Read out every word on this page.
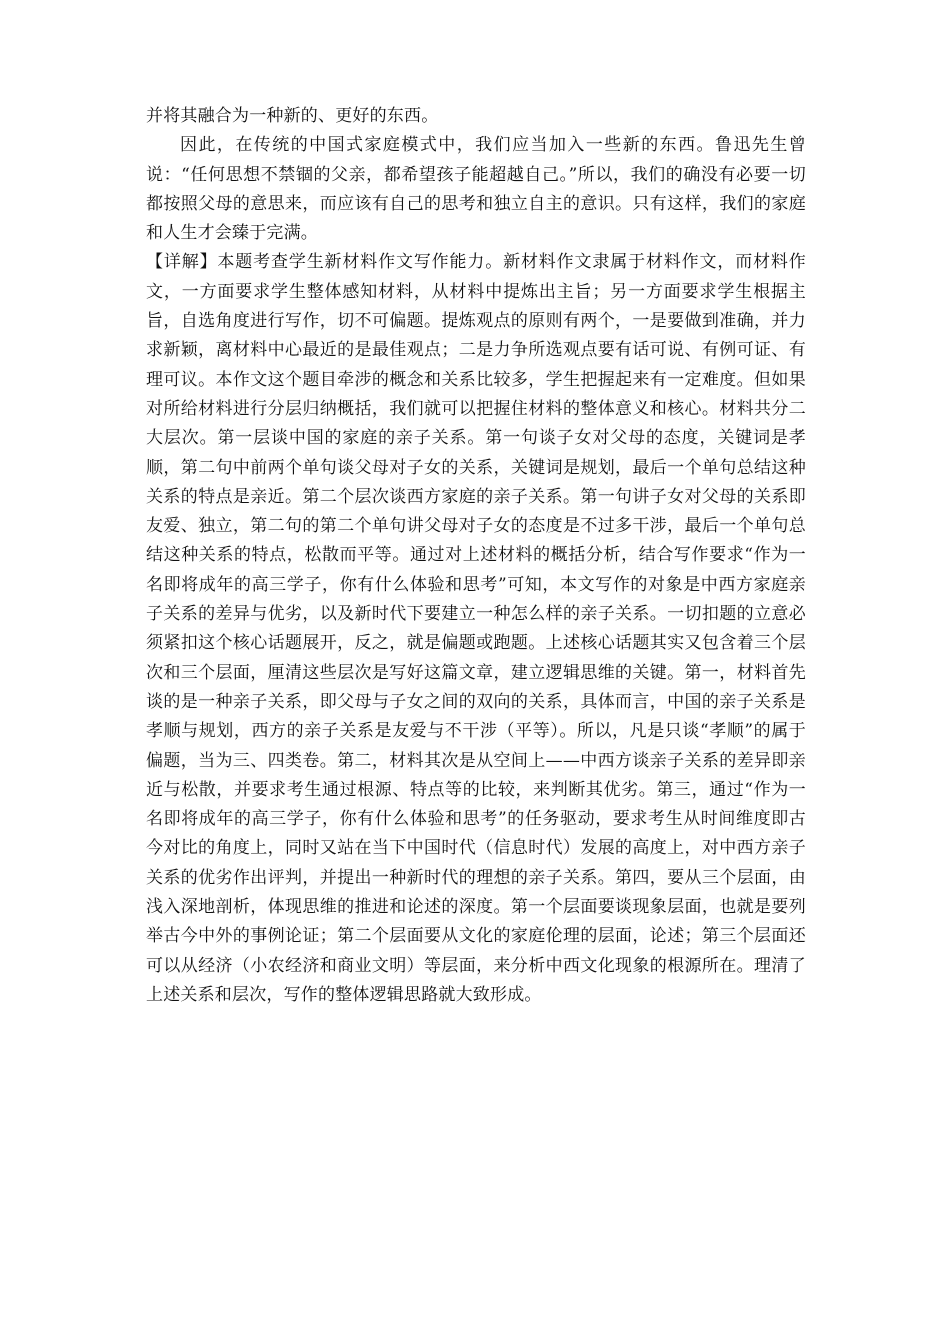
并将其融合为一种新的、更好的东西。

因此，在传统的中国式家庭模式中，我们应当加入一些新的东西。鲁迅先生曾说：“任何思想不禁锢的父亲，都希望孩子能超越自己。”所以，我们的确没有必要一切都按照父母的意思来，而应该有自己的思考和独立自主的意识。只有这样，我们的家庭和人生才会臻于完满。

【详解】本题考查学生新材料作文写作能力。新材料作文隶属于材料作文，而材料作文，一方面要求学生整体感知材料，从材料中提炼出主旨；另一方面要求学生根据主旨，自选角度进行写作，切不可偏题。提炼观点的原则有两个，一是要做到准确，并力求新颖，离材料中心最近的是最佳观点；二是力争所选观点要有话可说、有例可证、有理可议。本作文这个题目牵涉的概念和关系比较多，学生把握起来有一定难度。但如果对所给材料进行分层归纳概括，我们就可以把握住材料的整体意义和核心。材料共分二大层次。第一层谈中国的家庭的亲子关系。第一句谈子女对父母的态度，关键词是孝顺，第二句中前两个单句谈父母对子女的关系，关键词是规划，最后一个单句总结这种关系的特点是亲近。第二个层次谈西方家庭的亲子关系。第一句讲子女对父母的关系即友爱、独立，第二句的第二个单句讲父母对子女的态度是不过多干涉，最后一个单句总结这种关系的特点，松散而平等。通过对上述材料的概括分析，结合写作要求“作为一名即将成年的高三学子，你有什么体验和思考”可知，本文写作的对象是中西方家庭亲子关系的差异与优劣，以及新时代下要建立一种怎么样的亲子关系。一切扣题的立意必须紧扣这个核心话题展开，反之，就是偏题或跑题。上述核心话题其实又包含着三个层次和三个层面，厘清这些层次是写好这篇文章，建立逻辑思维的关键。第一，材料首先谈的是一种亲子关系，即父母与子女之间的双向的关系，具体而言，中国的亲子关系是孝顺与规划，西方的亲子关系是友爱与不干涉（平等）。所以，凡是只谈“孝顺”的属于偏题，当为三、四类卷。第二，材料其次是从空间上——中西方谈亲子关系的差异即亲近与松散，并要求考生通过根源、特点等的比较，来判断其优劣。第三，通过“作为一名即将成年的高三学子，你有什么体验和思考”的任务驱动，要求考生从时间维度即古今对比的角度上，同时又站在当下中国时代（信息时代）发展的高度上，对中西方亲子关系的优劣作出评判，并提出一种新时代的理想的亲子关系。第四，要从三个层面，由浅入深地剖析，体现思维的推进和论述的深度。第一个层面要谈现象层面，也就是要列举古今中外的事例论证；第二个层面要从文化的家庭伦理的层面，论述；第三个层面还可以从经济（小农经济和商业文明）等层面，来分析中西文化现象的根源所在。理清了上述关系和层次，写作的整体逻辑思路就大致形成。
